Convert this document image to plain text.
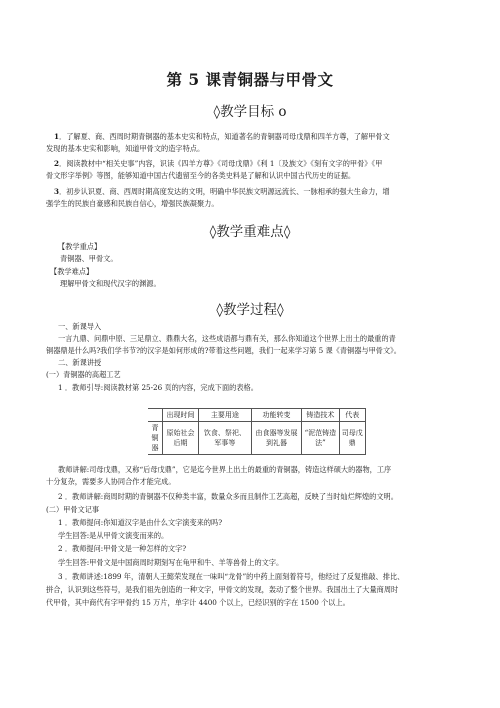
第 5 课青铜器与甲骨文
◊教学目标 o
1．了解夏、商、西周时期青铜器的基本史实和特点，知道著名的青铜器司母戊鼎和四羊方尊，了解甲骨文
发现的基本史实和影响，知道甲骨文的造字特点。
2．阅读教材中“相关史事”内容，识读《四羊方尊》《司母戊鼎》《利 1〔及族文》《刻有文字的甲骨》《甲
骨文形字举例》等图，能够知道中国古代遗留至今的各类史料是了解和认识中国古代历史的证据。
3．初步认识夏、商、西周时期高度发达的文明，明确中华民族文明源远流长、一脉相承的强大生命力，增
强学生的民族自豪感和民族自信心，增强民族凝聚力。
◊教学重难点◊
【教学重点】
青铜器、甲骨文。
【教学难点】
理解甲骨文和现代汉字的渊源。
◊教学过程◊
一、新课导入
一言九鼎、问鼎中原、三足鼎立、鼎鼎大名，这些成语都与鼎有关，那么你知道这个世界上出土的最重的青
铜器鼎是什么吗?我们学书节?的汉字是如何形成的?带着这些问题，我们一起来学习第 5 课《青铜器与甲骨文》。
二、新课讲授
(一）青铜器的高超工艺
1 ．教师引导:阅读教材第 25-26 页的内容，完成下面的表格。
	出现时间	主要用途	功能转变	铸造技术	代表
青铜器	原始社会后期	饮食、祭祀、军事等	由食器等发展到礼器	“泥范铸造法”	司母戊鼎
教师讲解:司母戊鼎，又称“后母戊鼎”，它是迄今世界上出土的最重的青铜器，铸造这样硕大的器物，工序
十分复杂，需要多人协同合作才能完成。
2 ．教师讲解:商周时期的青铜器不仅种类丰富，数量众多而且制作工艺高超，反映了当时灿烂辉煌的文明。
(二）甲骨文记事
1 ．教师提问:你知道汉字是由什么文字演变来的吗?
学生回答:是从甲骨文演变而来的。
2 ．教师提问:甲骨文是一种怎样的文字?
学生回答:甲骨文是中国商周时期刻写在龟甲和牛、羊等兽骨上的文字。
3 ．教师讲述:1899 年，清朝人王懿荣发现在一味叫“龙骨”的中药上面刻着符号，他经过了反复推敲、排比、
拼合，认识到这些符号，是我们祖先创造的一种文字，甲骨文的发现，轰动了整个世界。我国出土了大量商周时
代甲骨，其中商代有字甲骨约 15 万片，单字计 4400 个以上，已经识别的字在 1500 个以上。
